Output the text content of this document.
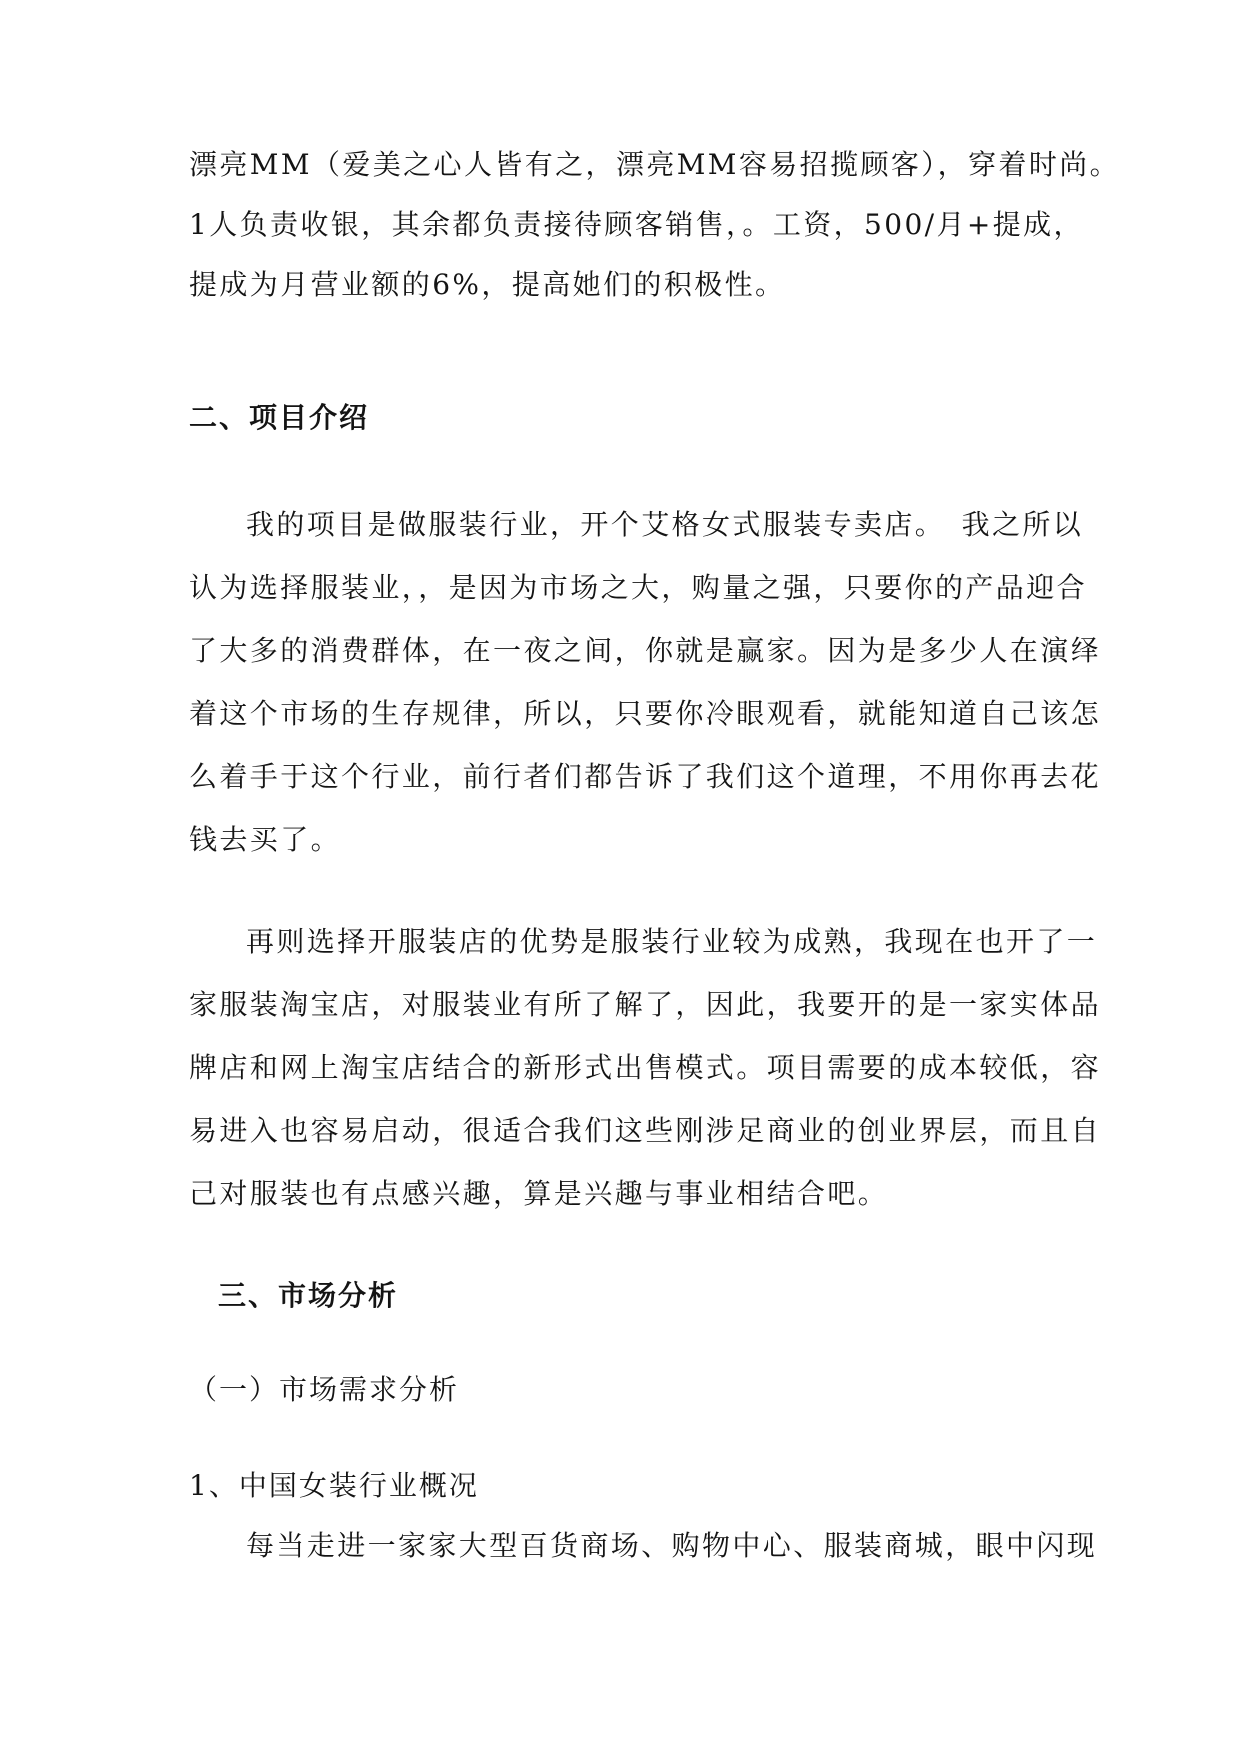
漂亮MM（爱美之心人皆有之，漂亮MM容易招揽顾客），穿着时尚。
1人负责收银，其余都负责接待顾客销售，。工资，500/月+提成，
提成为月营业额的6%，提高她们的积极性。
二、项目介绍
我的项目是做服装行业，开个艾格女式服装专卖店。　我之所以
认为选择服装业，，是因为市场之大，购量之强，只要你的产品迎合
了大多的消费群体，在一夜之间，你就是赢家。因为是多少人在演绎
着这个市场的生存规律，所以，只要你冷眼观看，就能知道自己该怎
么着手于这个行业，前行者们都告诉了我们这个道理，不用你再去花
钱去买了。
再则选择开服装店的优势是服装行业较为成熟，我现在也开了一
家服装淘宝店，对服装业有所了解了，因此，我要开的是一家实体品
牌店和网上淘宝店结合的新形式出售模式。项目需要的成本较低，容
易进入也容易启动，很适合我们这些刚涉足商业的创业界层，而且自
己对服装也有点感兴趣，算是兴趣与事业相结合吧。
三、市场分析
（一）市场需求分析
1、中国女装行业概况
每当走进一家家大型百货商场、购物中心、服装商城，眼中闪现
